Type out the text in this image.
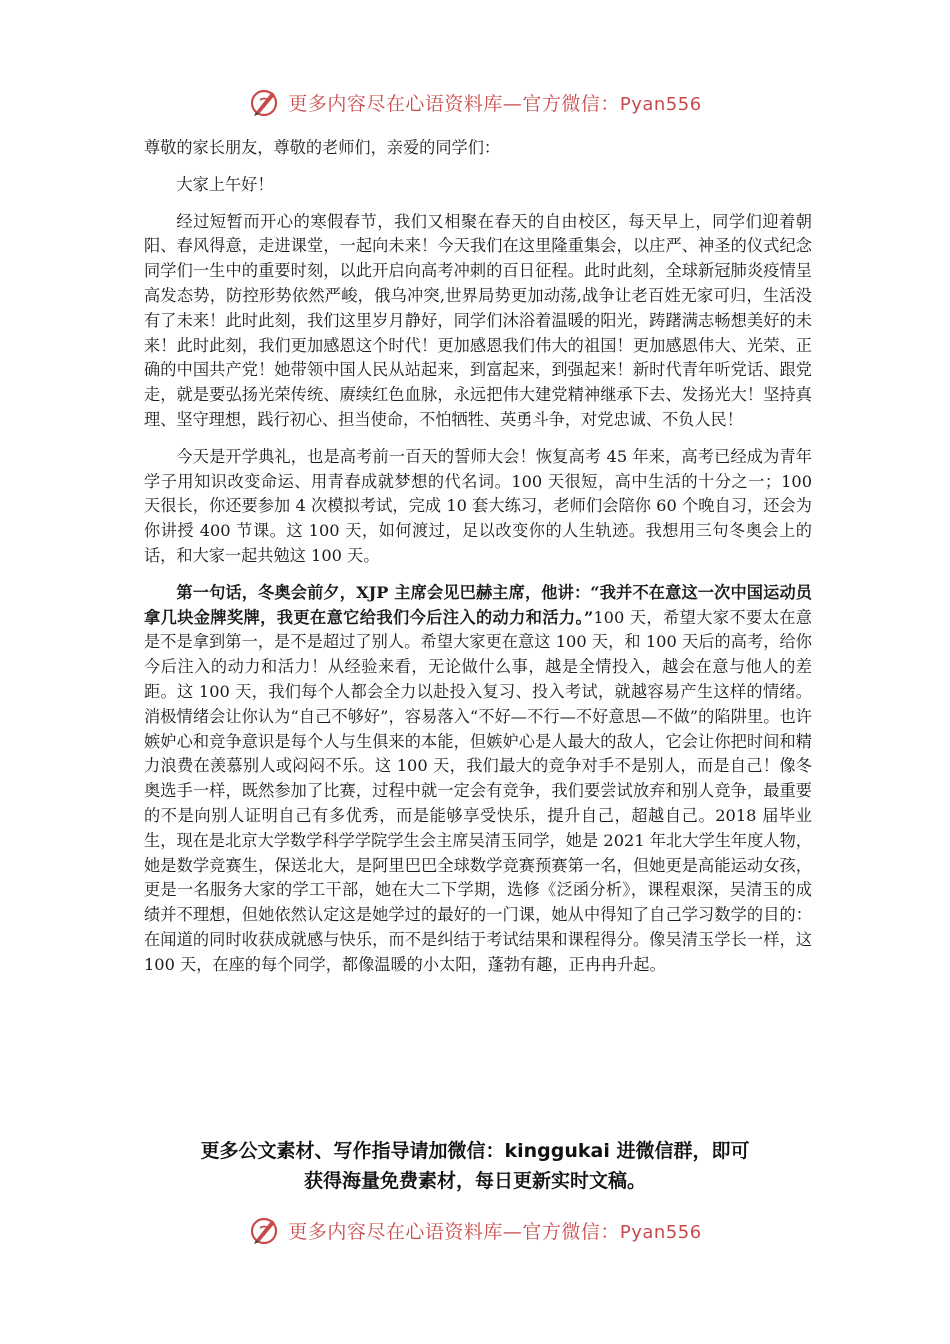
更多内容尽在心语资料库—官方微信：Pyan556

尊敬的家长朋友，尊敬的老师们，亲爱的同学们：

大家上午好！

经过短暂而开心的寒假春节，我们又相聚在春天的自由校区，每天早上，同学们迎着朝阳、春风得意，走进课堂，一起向未来！今天我们在这里隆重集会，以庄严、神圣的仪式纪念同学们一生中的重要时刻，以此开启向高考冲刺的百日征程。此时此刻，全球新冠肺炎疫情呈高发态势，防控形势依然严峻，俄乌冲突,世界局势更加动荡,战争让老百姓无家可归，生活没有了未来！此时此刻，我们这里岁月静好，同学们沐浴着温暖的阳光，踌躇满志畅想美好的未来！此时此刻，我们更加感恩这个时代！更加感恩我们伟大的祖国！更加感恩伟大、光荣、正确的中国共产党！她带领中国人民从站起来，到富起来，到强起来！新时代青年听党话、跟党走，就是要弘扬光荣传统、赓续红色血脉，永远把伟大建党精神继承下去、发扬光大！坚持真理、坚守理想，践行初心、担当使命，不怕牺牲、英勇斗争，对党忠诚、不负人民！

今天是开学典礼，也是高考前一百天的誓师大会！恢复高考 45 年来，高考已经成为青年学子用知识改变命运、用青春成就梦想的代名词。100 天很短，高中生活的十分之一；100 天很长，你还要参加 4 次模拟考试，完成 10 套大练习，老师们会陪你 60 个晚自习，还会为你讲授 400 节课。这 100 天，如何渡过，足以改变你的人生轨迹。我想用三句冬奥会上的话，和大家一起共勉这 100 天。

第一句话，冬奥会前夕，XJP 主席会见巴赫主席，他讲：“我并不在意这一次中国运动员拿几块金牌奖牌，我更在意它给我们今后注入的动力和活力。”100 天，希望大家不要太在意是不是拿到第一，是不是超过了别人。希望大家更在意这 100 天，和 100 天后的高考，给你今后注入的动力和活力！从经验来看，无论做什么事，越是全情投入，越会在意与他人的差距。这 100 天，我们每个人都会全力以赴投入复习、投入考试，就越容易产生这样的情绪。消极情绪会让你认为“自己不够好”，容易落入“不好—不行—不好意思—不做”的陷阱里。也许嫉妒心和竞争意识是每个人与生俱来的本能，但嫉妒心是人最大的敌人，它会让你把时间和精力浪费在羡慕别人或闷闷不乐。这 100 天，我们最大的竞争对手不是别人，而是自己！像冬奥选手一样，既然参加了比赛，过程中就一定会有竞争，我们要尝试放弃和别人竞争，最重要的不是向别人证明自己有多优秀，而是能够享受快乐，提升自己，超越自己。2018 届毕业生，现在是北京大学数学科学学院学生会主席吴清玉同学，她是 2021 年北大学生年度人物，她是数学竞赛生，保送北大，是阿里巴巴全球数学竞赛预赛第一名，但她更是高能运动女孩，更是一名服务大家的学工干部，她在大二下学期，选修《泛函分析》，课程艰深，吴清玉的成绩并不理想，但她依然认定这是她学过的最好的一门课，她从中得知了自己学习数学的目的：在闻道的同时收获成就感与快乐，而不是纠结于考试结果和课程得分。像吴清玉学长一样，这 100 天，在座的每个同学，都像温暖的小太阳，蓬勃有趣，正冉冉升起。

更多公文素材、写作指导请加微信：kinggukai 进微信群，即可
获得海量免费素材，每日更新实时文稿。
更多内容尽在心语资料库—官方微信：Pyan556
